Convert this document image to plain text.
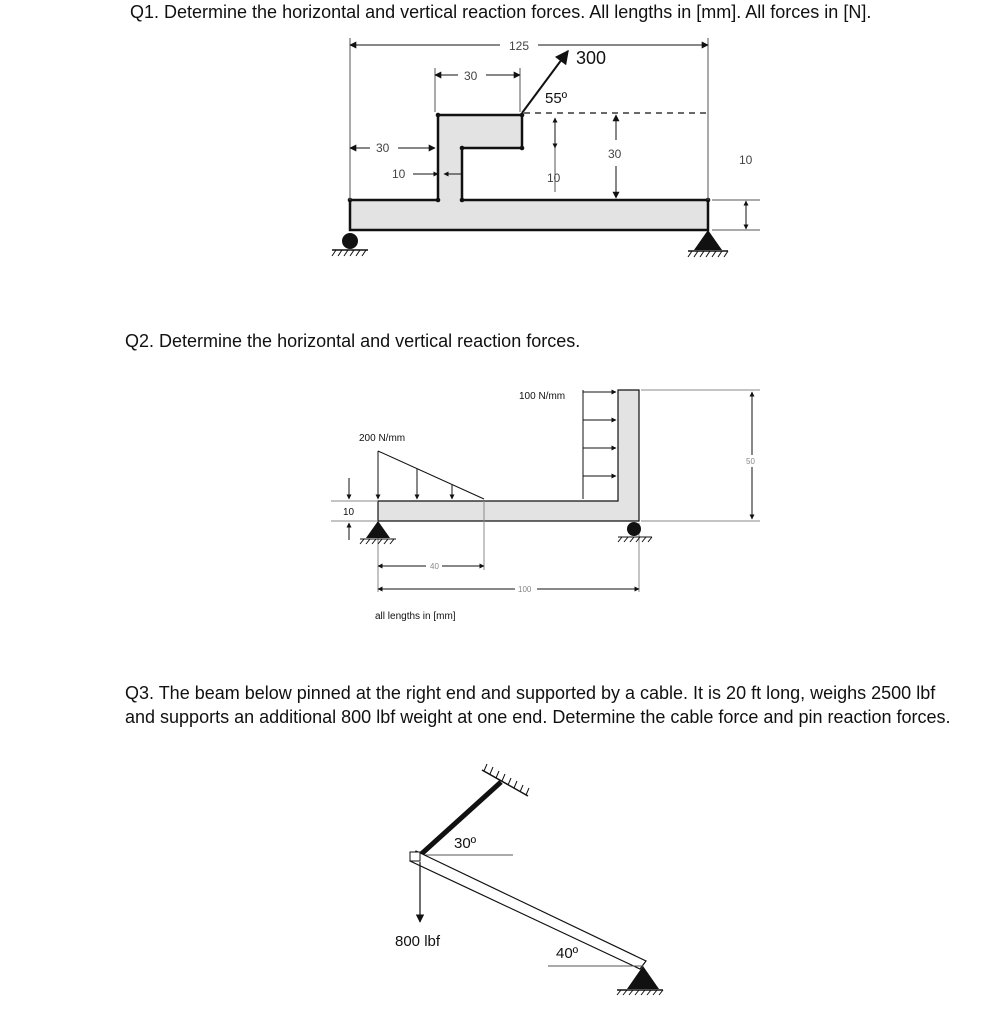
Q1. Determine the horizontal and vertical reaction forces. All lengths in [mm]. All forces in [N].

Q2. Determine the horizontal and vertical reaction forces.

Q3. The beam below pinned at the right end and supported by a cable. It is 20 ft long, weighs 2500 lbf and supports an additional 800 lbf weight at one end. Determine the cable force and pin reaction forces.

125
30
300
55º
30
10	10
30	10
100 N/mm
200 N/mm
10
50
40
100
all lengths in [mm]
30º
800 lbf
40º
